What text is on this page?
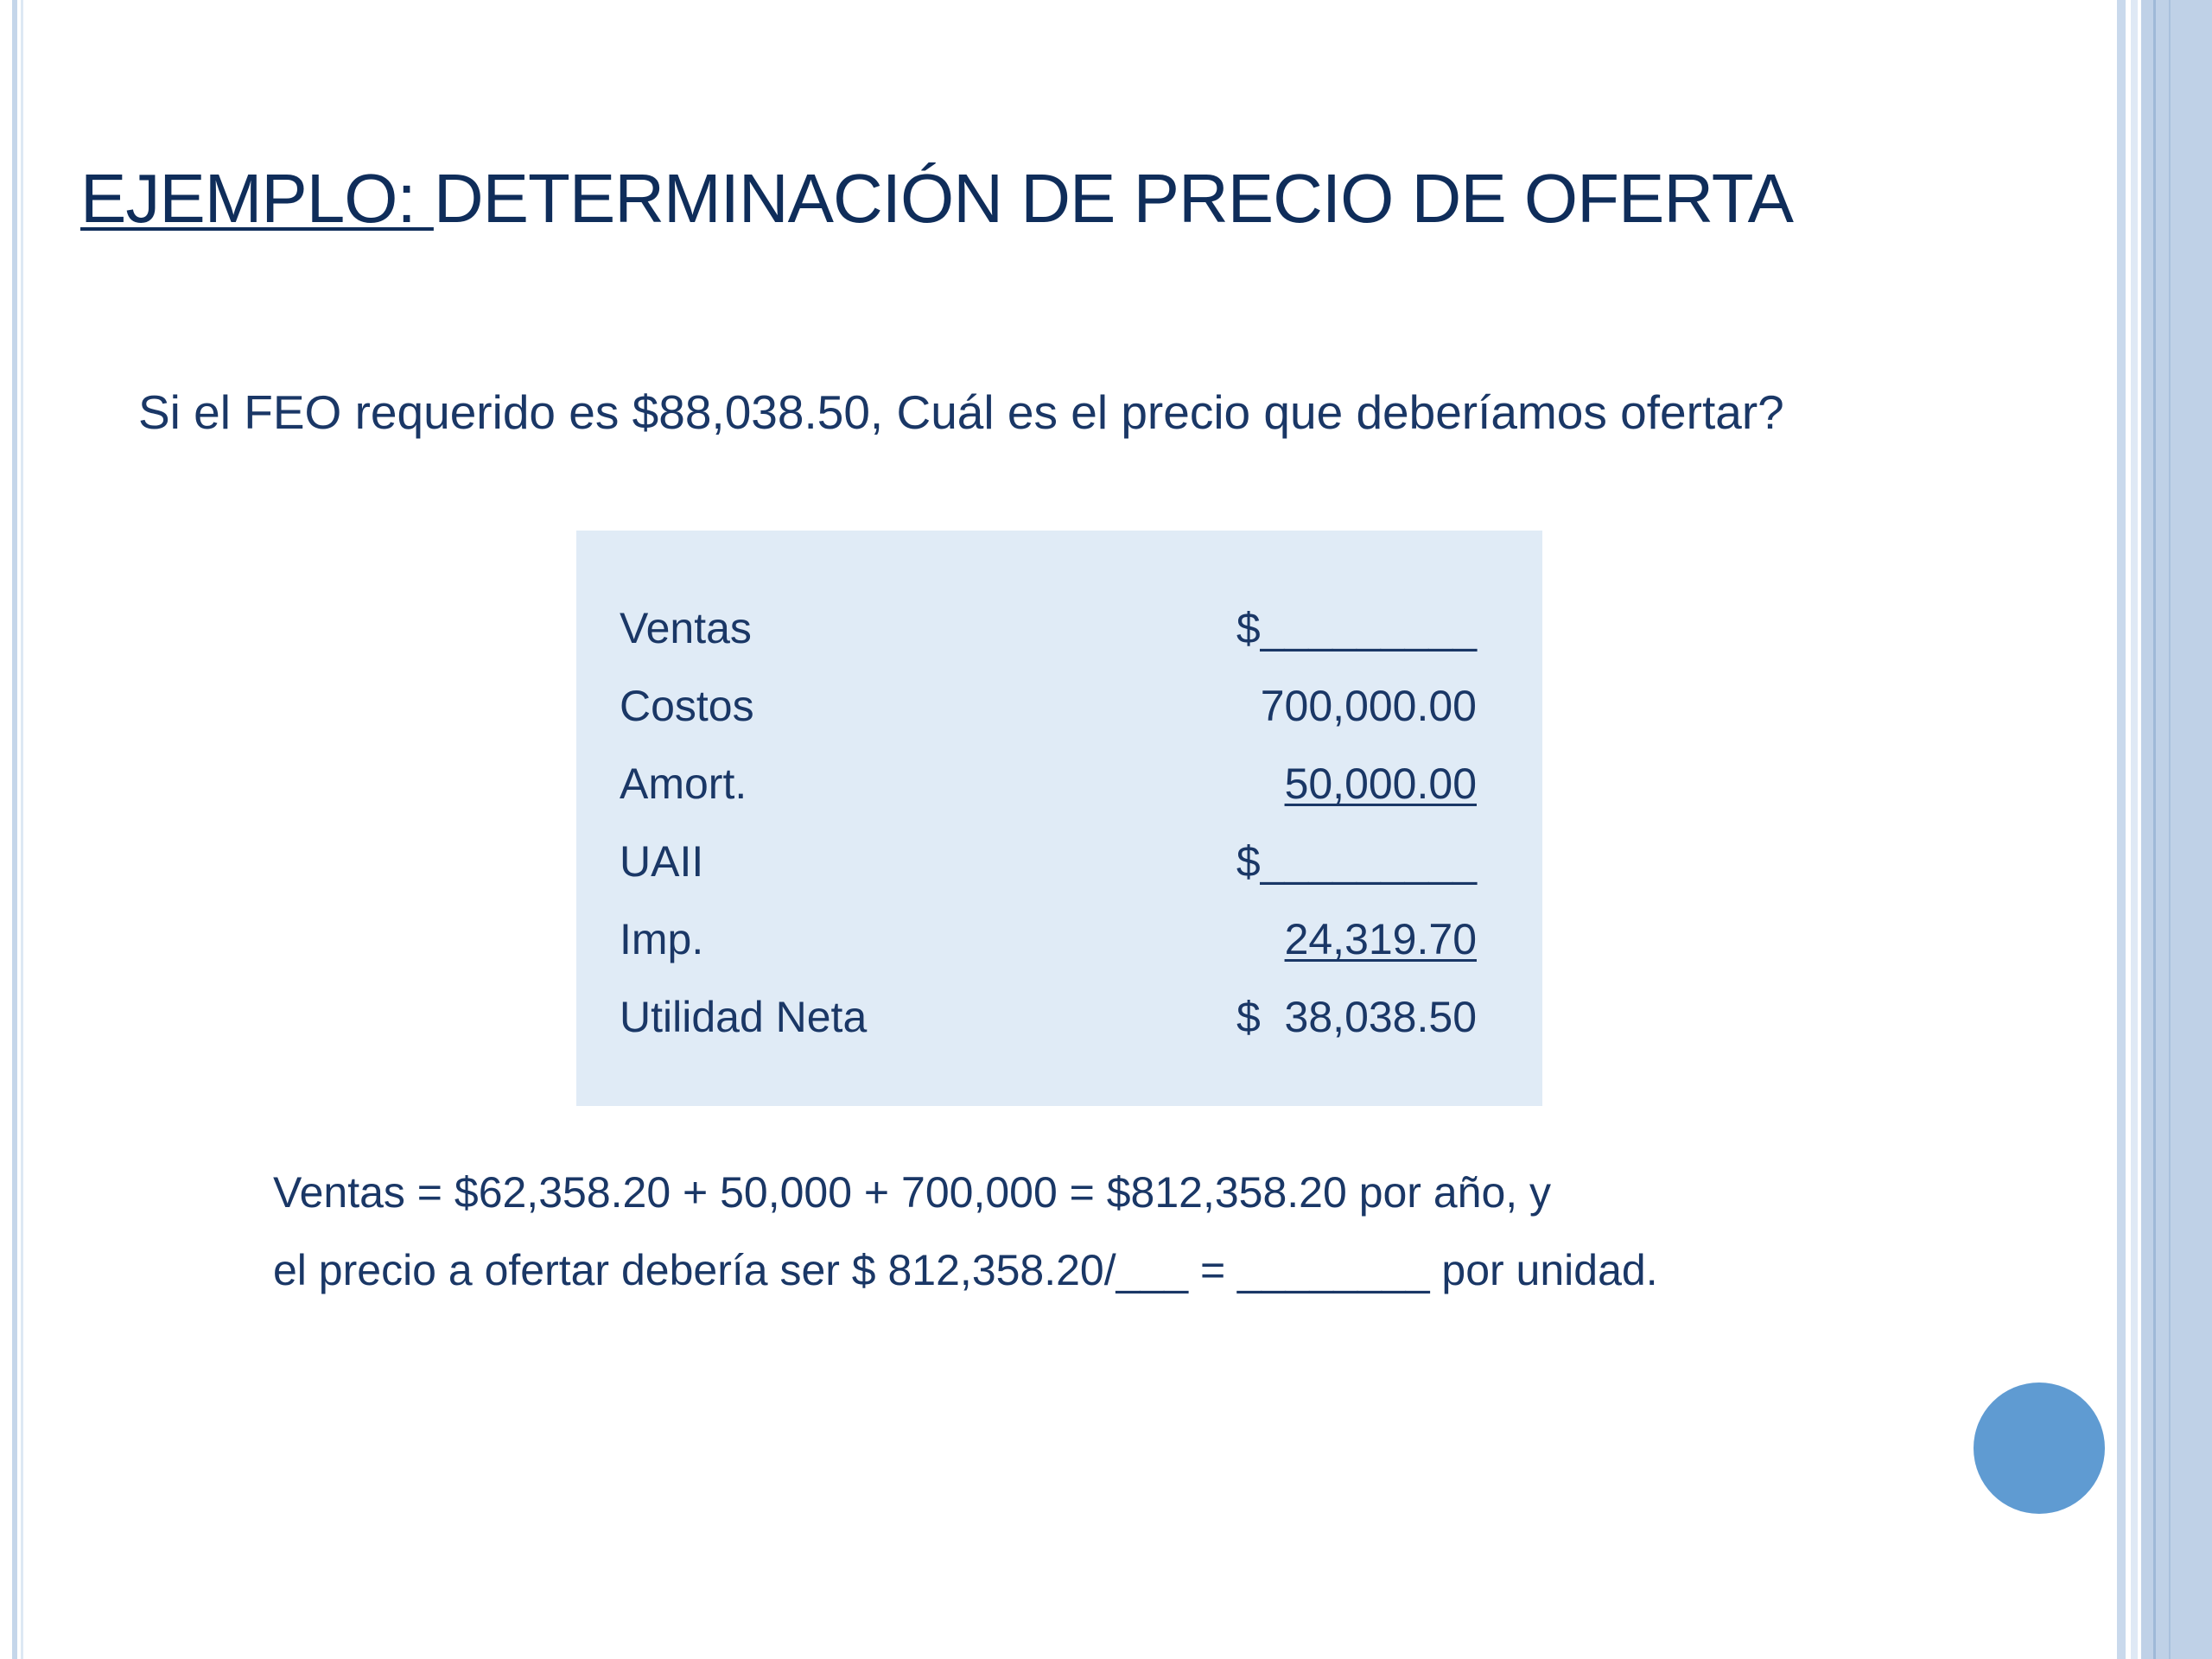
EJEMPLO: DETERMINACIÓN DE PRECIO DE OFERTA
Si el FEO requerido es $88,038.50, Cuál es el precio que deberíamos ofertar?
Ventas	$_________
Costos	700,000.00
Amort.	50,000.00
UAII	$_________
Imp.	24,319.70
Utilidad Neta	$  38,038.50
Ventas = $62,358.20 + 50,000 + 700,000 = $812,358.20 por año, y
el precio a ofertar debería ser $ 812,358.20/___ = ________ por unidad.
